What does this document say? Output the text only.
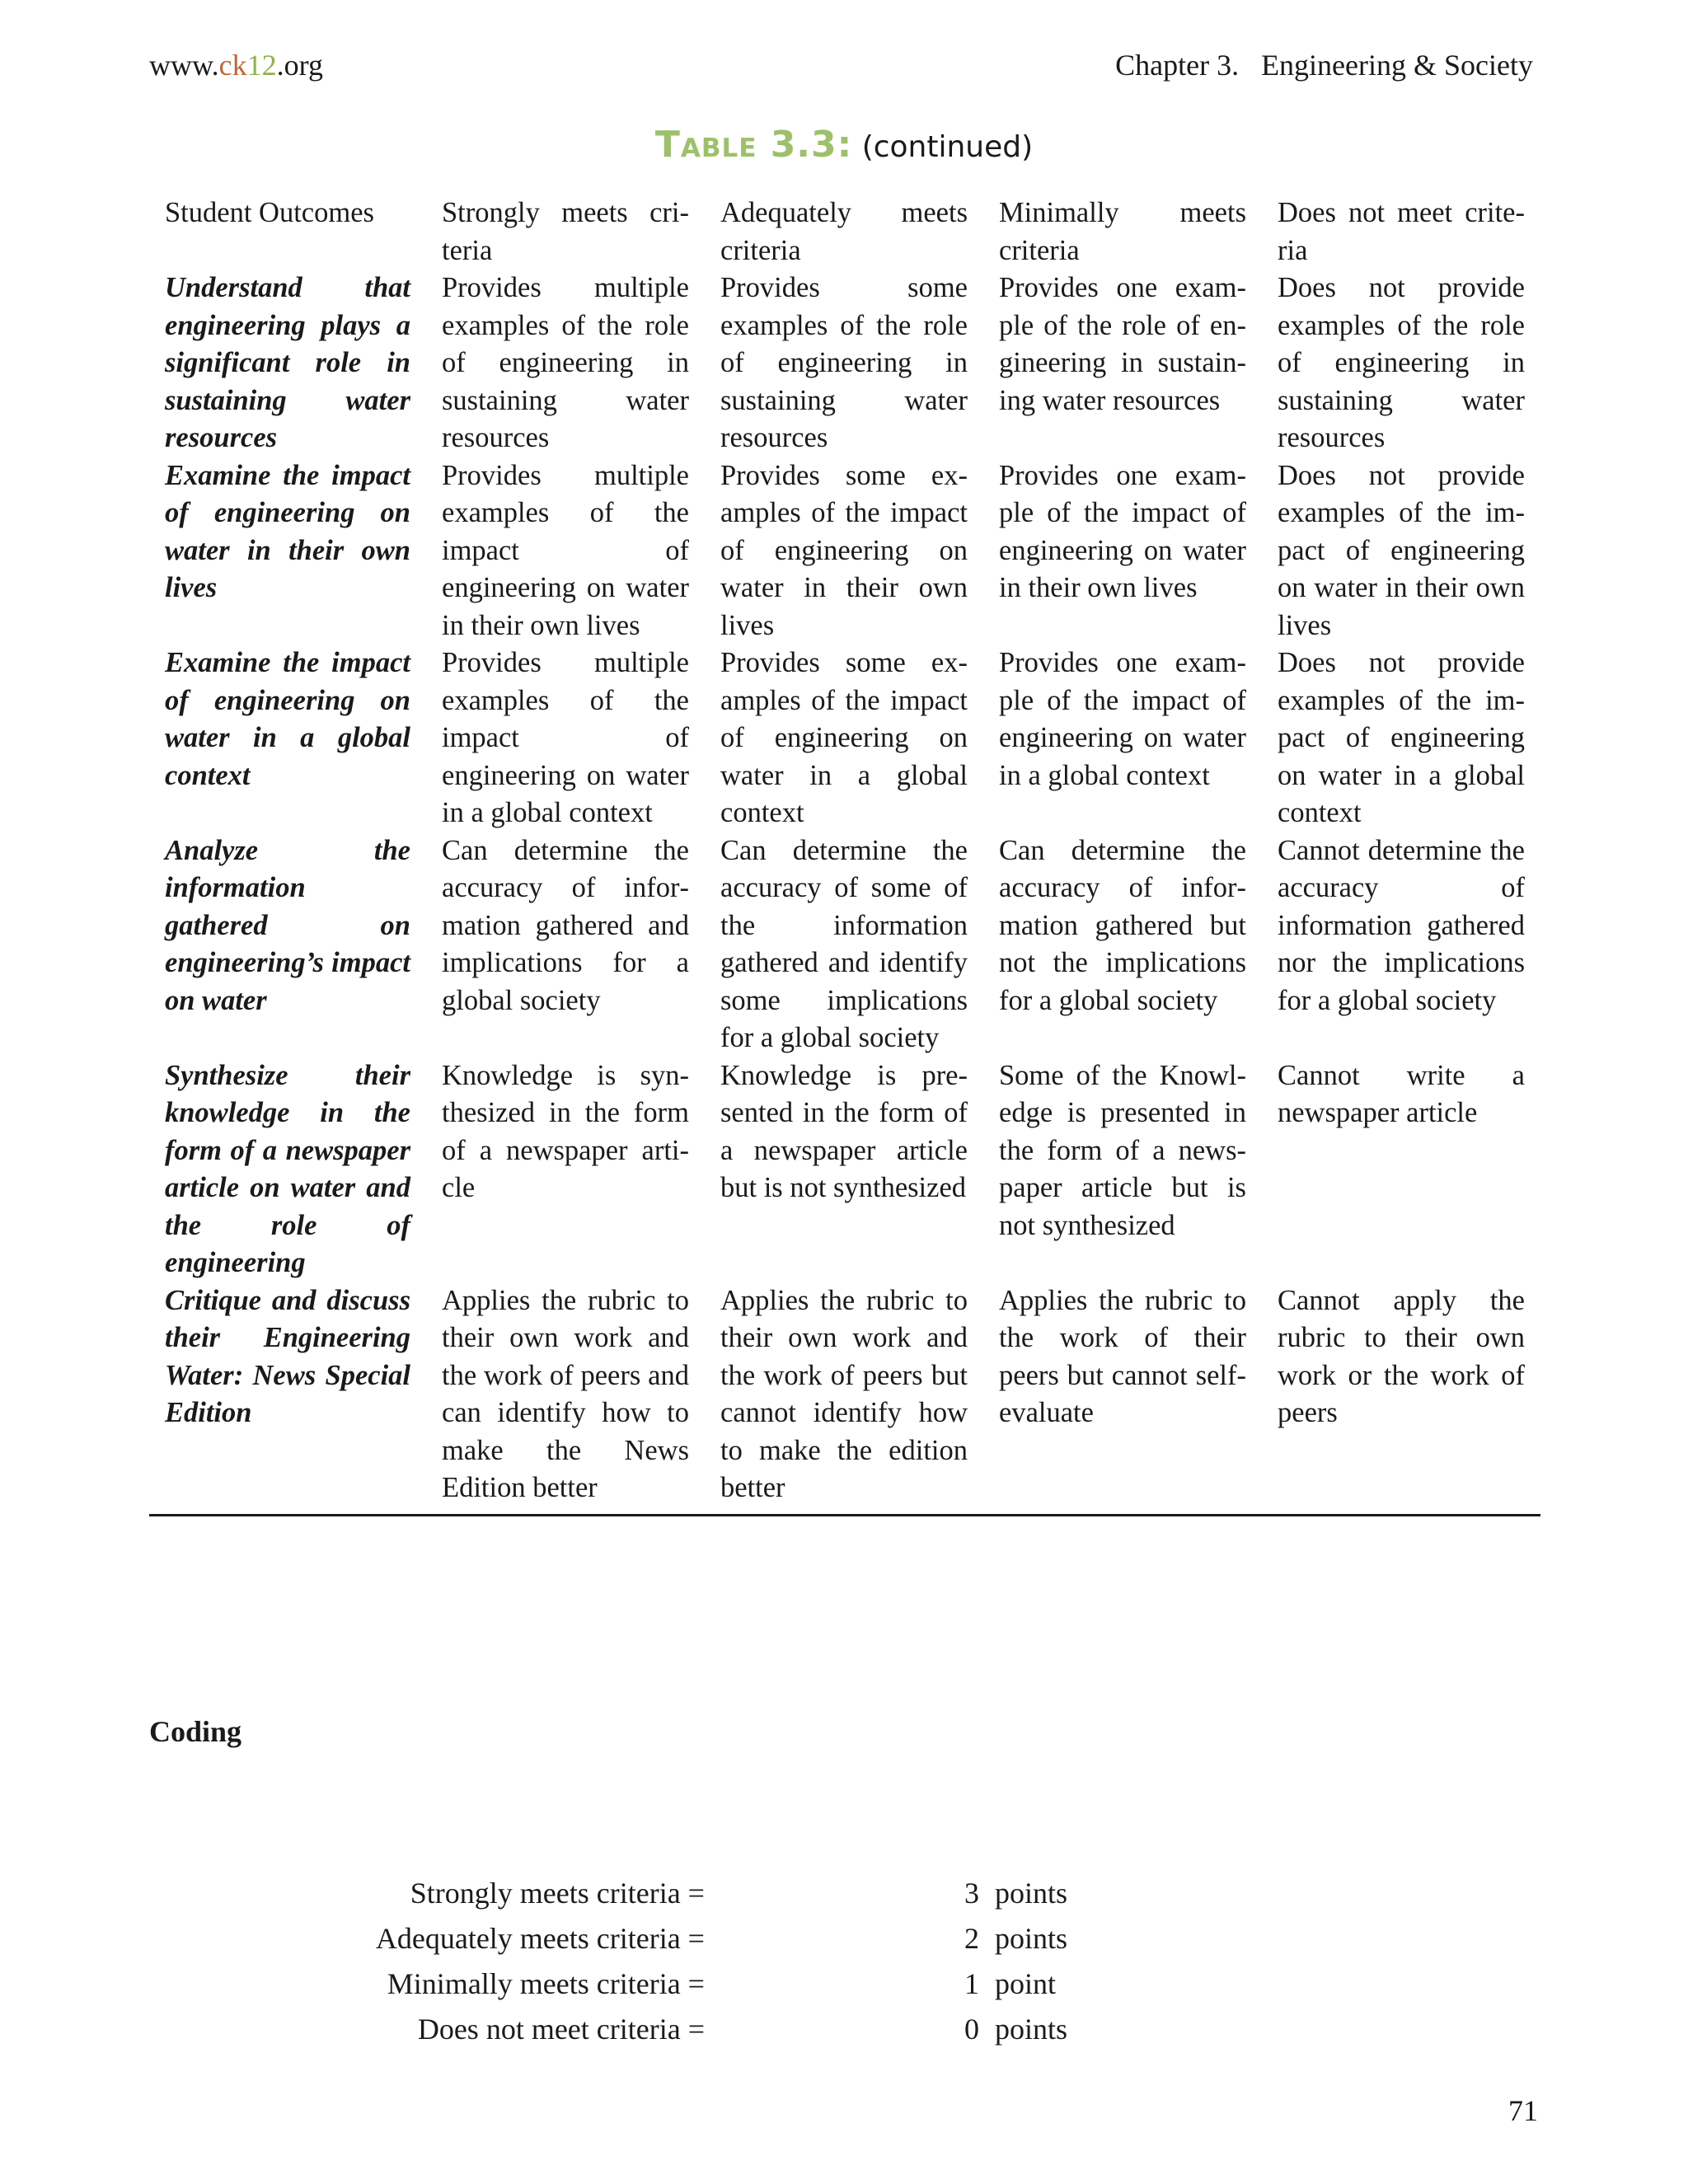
www.ck12.org	Chapter 3.   Engineering & Society
Table 3.3: (continued)
Student Outcomes	Strongly meets criteria	Adequately meets criteria	Minimally meets criteria	Does not meet criteria
Understand that engineering plays a significant role in sustaining water resources	Provides multiple examples of the role of engineering in sustaining water resources	Provides some examples of the role of engineering in sustaining water resources	Provides one example of the role of engineering in sustaining water resources	Does not provide examples of the role of engineering in sustaining water resources
Examine the impact of engineering on water in their own lives	Provides multiple examples of the impact of engineering on water in their own lives	Provides some examples of the impact of engineering on water in their own lives	Provides one example of the impact of engineering on water in their own lives	Does not provide examples of the impact of engineering on water in their own lives
Examine the impact of engineering on water in a global context	Provides multiple examples of the impact of engineering on water in a global context	Provides some examples of the impact of engineering on water in a global context	Provides one example of the impact of engineering on water in a global context	Does not provide examples of the impact of engineering on water in a global context
Analyze the information gathered on engineering’s impact on water	Can determine the accuracy of information gathered and implications for a global society	Can determine the accuracy of some of the information gathered and identify some implications for a global society	Can determine the accuracy of information gathered but not the implications for a global society	Cannot determine the accuracy of information gathered nor the implications for a global society
Synthesize their knowledge in the form of a newspaper article on water and the role of engineering	Knowledge is synthesized in the form of a newspaper article	Knowledge is presented in the form of a newspaper article but is not synthesized	Some of the Knowledge is presented in the form of a newspaper article but is not synthesized	Cannot write a newspaper article
Critique and discuss their Engineering Water: News Special Edition	Applies the rubric to their own work and the work of peers and can identify how to make the News Edition better	Applies the rubric to their own work and the work of peers but cannot identify how to make the edition better	Applies the rubric to the work of their peers but cannot self-evaluate	Cannot apply the rubric to their own work or the work of peers
Coding
Strongly meets criteria =	3 points
Adequately meets criteria =	2 points
Minimally meets criteria =	1 point
Does not meet criteria =	0 points
71
